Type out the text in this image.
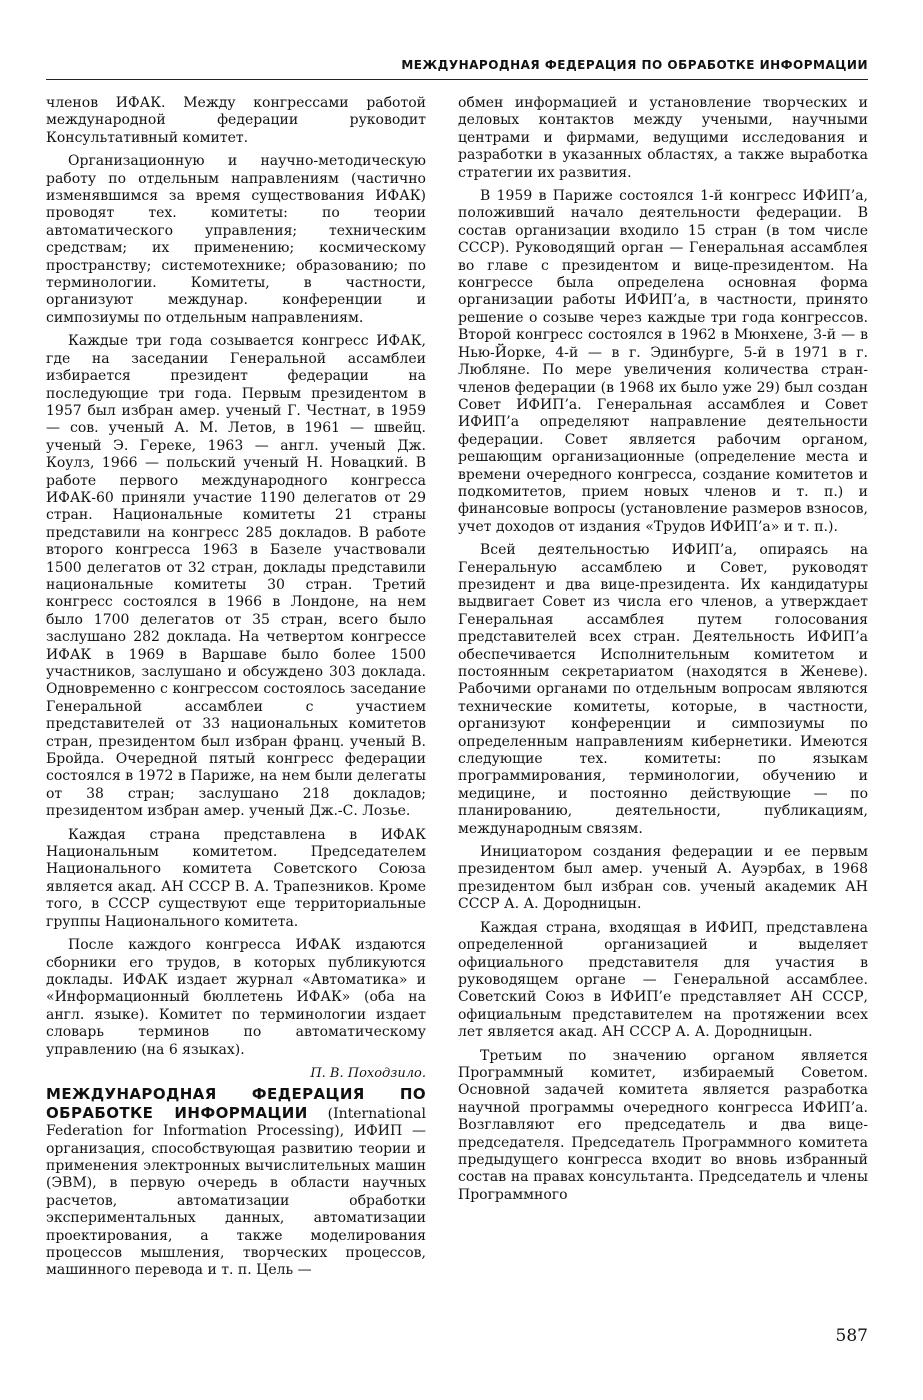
МЕЖДУНАРОДНАЯ ФЕДЕРАЦИЯ ПО ОБРАБОТКЕ ИНФОРМАЦИИ

членов ИФАК. Между конгрессами работой международной федерации руководит Консультативный комитет.

Организационную и научно-методическую работу по отдельным направлениям (частично изменявшимся за время существования ИФАК) проводят тех. комитеты: по теории автоматического управления; техническим средствам; их применению; космическому пространству; системотехнике; образованию; по терминологии. Комитеты, в частности, организуют междунар. конференции и симпозиумы по отдельным направлениям.

Каждые три года созывается конгресс ИФАК, где на заседании Генеральной ассамблеи избирается президент федерации на последующие три года. Первым президентом в 1957 был избран амер. ученый Г. Честнат, в 1959 — сов. ученый А. М. Летов, в 1961 — швейц. ученый Э. Гереке, 1963 — англ. ученый Дж. Коулз, 1966 — польский ученый Н. Новацкий. В работе первого международного конгресса ИФАК-60 приняли участие 1190 делегатов от 29 стран. Национальные комитеты 21 страны представили на конгресс 285 докладов. В работе второго конгресса 1963 в Базеле участвовали 1500 делегатов от 32 стран, доклады представили национальные комитеты 30 стран. Третий конгресс состоялся в 1966 в Лондоне, на нем было 1700 делегатов от 35 стран, всего было заслушано 282 доклада. На четвертом конгрессе ИФАК в 1969 в Варшаве было более 1500 участников, заслушано и обсуждено 303 доклада. Одновременно с конгрессом состоялось заседание Генеральной ассамблеи с участием представителей от 33 национальных комитетов стран, президентом был избран франц. ученый В. Бройда. Очередной пятый конгресс федерации состоялся в 1972 в Париже, на нем были делегаты от 38 стран; заслушано 218 докладов; президентом избран амер. ученый Дж.-С. Лозье.

Каждая страна представлена в ИФАК Национальным комитетом. Председателем Национального комитета Советского Союза является акад. АН СССР В. А. Трапезников. Кроме того, в СССР существуют еще территориальные группы Национального комитета.

После каждого конгресса ИФАК издаются сборники его трудов, в которых публикуются доклады. ИФАК издает журнал «Автоматика» и «Информационный бюллетень ИФАК» (оба на англ. языке). Комитет по терминологии издает словарь терминов по автоматическому управлению (на 6 языках).

П. В. Походзило.

МЕЖДУНАРОДНАЯ ФЕДЕРАЦИЯ ПО ОБРАБОТКЕ ИНФОРМАЦИИ (International Federation for Information Processing), ИФИП — организация, способствующая развитию теории и применения электронных вычислительных машин (ЭВМ), в первую очередь в области научных расчетов, автоматизации обработки экспериментальных данных, автоматизации проектирования, а также моделирования процессов мышления, творческих процессов, машинного перевода и т. п. Цель —

обмен информацией и установление творческих и деловых контактов между учеными, научными центрами и фирмами, ведущими исследования и разработки в указанных областях, а также выработка стратегии их развития.

В 1959 в Париже состоялся 1-й конгресс ИФИП’а, положивший начало деятельности федерации. В состав организации входило 15 стран (в том числе СССР). Руководящий орган — Генеральная ассамблея во главе с президентом и вице-президентом. На конгрессе была определена основная форма организации работы ИФИП’а, в частности, принято решение о созыве через каждые три года конгрессов. Второй конгресс состоялся в 1962 в Мюнхене, 3-й — в Нью-Йорке, 4-й — в г. Эдинбурге, 5-й в 1971 в г. Любляне. По мере увеличения количества стран-членов федерации (в 1968 их было уже 29) был создан Совет ИФИП’а. Генеральная ассамблея и Совет ИФИП’а определяют направление деятельности федерации. Совет является рабочим органом, решающим организационные (определение места и времени очередного конгресса, создание комитетов и подкомитетов, прием новых членов и т. п.) и финансовые вопросы (установление размеров взносов, учет доходов от издания «Трудов ИФИП’а» и т. п.).

Всей деятельностью ИФИП’а, опираясь на Генеральную ассамблею и Совет, руководят президент и два вице-президента. Их кандидатуры выдвигает Совет из числа его членов, а утверждает Генеральная ассамблея путем голосования представителей всех стран. Деятельность ИФИП’а обеспечивается Исполнительным комитетом и постоянным секретариатом (находятся в Женеве). Рабочими органами по отдельным вопросам являются технические комитеты, которые, в частности, организуют конференции и симпозиумы по определенным направлениям кибернетики. Имеются следующие тех. комитеты: по языкам программирования, терминологии, обучению и медицине, и постоянно действующие — по планированию, деятельности, публикациям, международным связям.

Инициатором создания федерации и ее первым президентом был амер. ученый А. Ауэрбах, в 1968 президентом был избран сов. ученый академик АН СССР А. А. Дородницын.

Каждая страна, входящая в ИФИП, представлена определенной организацией и выделяет официального представителя для участия в руководящем органе — Генеральной ассамблее. Советский Союз в ИФИП’е представляет АН СССР, официальным представителем на протяжении всех лет является акад. АН СССР А. А. Дородницын.

Третьим по значению органом является Программный комитет, избираемый Советом. Основной задачей комитета является разработка научной программы очередного конгресса ИФИП’а. Возглавляют его председатель и два вице-председателя. Председатель Программного комитета предыдущего конгресса входит во вновь избранный состав на правах консультанта. Председатель и члены Программного

587
